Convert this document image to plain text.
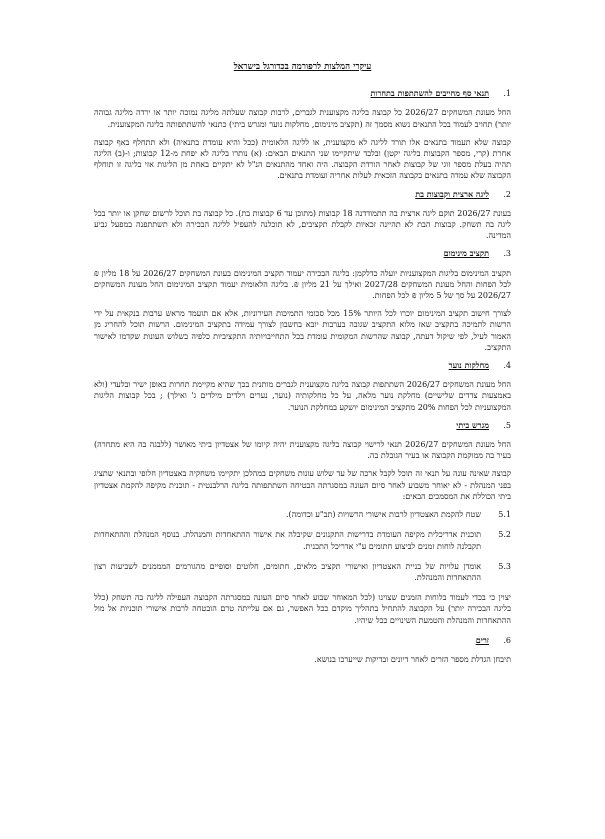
עיקרי המלצות לרפורמה בכדורגל בישראל
1.
תנאי סף מחייבים להשתתפות בתחרות

החל מעונת המשחקים 2026/27 כל קבוצה בליגה מקצוענית לגברים, לרבות קבוצה שעלתה מליגה נמוכה יותר או ירדה מליגה גבוהה יותר) תחויב לעמוד בכל התנאים נשוא מסמך זה (תקציב מינימום, מחלקות נוער ומגרש ביתי) כתנאי להשתתפותה בליגה המקצוענית.

קבוצה שלא תעמוד בתנאים אלו תורד לליגה לא מקצוענית, או לליגה הלאומית (ככל והיא עומדת בתנאיה) ולא תתחלף באף קבוצה אחרת (קרי, מספר הקבוצות בליגה יקטן) ובלבד שיתקיימו שני התנאים הבאים: (א) נותרו בליגה לא יפחת מ-12 קבוצות; ו-(ב) הליגה תהיה בעלת מספר זוגי של קבוצות לאחר הורדת הקבוצה. היה ואחד מהתנאים הנ"ל לא יתקיים באחת מן הליגות אזי בליגה זו תוחלף הקבוצה שלא עמדה בתנאים בקבוצה הזכאית לעלות אחריה ועומדת בתנאים.

2.
ליגה ארצית וקבוצות בת

בעונת 2026/27 תוקם ליגה ארצית בה תתמודדנה 18 קבוצות (מתוכן עד 6 קבוצות בת). כל קבוצה בת תוכל לרשום שחקן או יותר בכל ליגה בה תשחק. קבוצות הבת לא תהיינה זכאיות לקבלת תקציבים, לא תוכלנה להעפיל לליגה הבכירה ולא תשתתפנה במפעל גביע המדינה.

3.
תקציב מינימום

תקציב המינימום בליגות המקצועניות יועלה כדלקמן: בליגה הבכירה יעמוד תקציב המינימום בעונת המשחקים 2026/27 על 18 מליון ₪ לכל הפחות והחל מעונת המשחקים 2027/28 ואילך על 21 מליון ₪. בליגה הלאומית יעמוד תקציב המינימום החל מעונת המשחקים 2026/27 על סך של 5 מליון ₪ לכל הפחות.

לצורך חישוב תקציב המינימום יוכרו לכל היותר 15% מכל סכומי התמיכות העירוניות, אלא אם תועמד מראש ערבות בנקאית על ידי הרשות לתמיכה בתקציב שאז מלוא התקציב שגובה בערבות יובא בחשבון לצורך עמידה בתקציב המינימום. הרשות תוכל להחריג מן האמור לעיל, לפי שיקול דעתה, קבוצה שהרשות המקומית עומדת בכל התחייבויותיה התקציביות כלפיה בשלוש העונות שקדמו לאישור התקציב.

4.
מחלקות נוער

החל מעונת המשחקים 2026/27 השתתפות קבוצה בליגה מקצוענית לגברים מותנית בכך שהיא מקיימת תחרות באופן ישיר ובלעדי (ולא באמצעות צדדים שלישיים) מחלקת נוער מלאה, על כל מחלקותיה (נוער, נערים וילדים מילדים ג' ואילך) ; בכל קבוצות הליגות המקצועניות לכל הפחות 20% מתקציב המינימום יושקע במחלקת הנוער.

5.
מגרש ביתי

החל מעונת המשחקים 2026/27 תנאי לרישוי קבוצה בליגה מקצוענית יהיה קיומו של אצטדיון ביתי מאושר (ללבגה בה היא מתחרה) בעיר בה ממוקמת הקבוצה או בעיר הגובלת בה.

קבוצה שאינה עונה על תנאי זה תוכל לקבל ארכה של עד שלוש עונות משחקים במהלכן יתקיימו משחקיה באצטדיון חלופי ובתנאי שתציג בפני המנהלת - לא יאוחר משבוע לאחר סיום העונה במסגרתה הבטיחה השתתפותה בליגה הרלבנטית - תוכנית מקיפה להקמת אצטדיון ביתי הכוללת את המסמכים הבאים:

5.1
שטח להקמת האצטדיון לרבות אישורי הרשויות (תב"ע וכדומה).
5.2
תוכנית אדריכלית מקיפה העומדת בדרישות התקנונים שקיבלה את אישור ההתאחדות והמנהלת. בנוסף המנהלת וההתאחדות תקבלנה לוחות זמנים לביצוע חתומים ע"י אדריכל התכנית.
5.3
אומדן עלויות של בניית האצטדיון ואישורי תקציב מלאים, חתומים, חלוטים וסופיים מהגורמים המממנים לשביעות רצון ההתאחדות והמנהלת.

יצוין כי בכדי לעמוד בלוחות הזמנים שצוינו (לכל המאוחר שבוע לאחר סיום העונה במסגרתה הקבוצה העפילה לליגה בה תשחק (כלל בליגה הבכירה יותר) על הקבוצה להתחיל בתהליך מוקדם ככל האפשר, גם אם עלייתה טרם הובטחה לרבות אישורי תוכניות אל מול ההתאחדות והמנהלת והטמעת השינויים ככל שיהיו.

6.
זרים

תיבחן הגדלת מספר הזרים לאחר דיונים ובדיקות שייערכו בנושא.
